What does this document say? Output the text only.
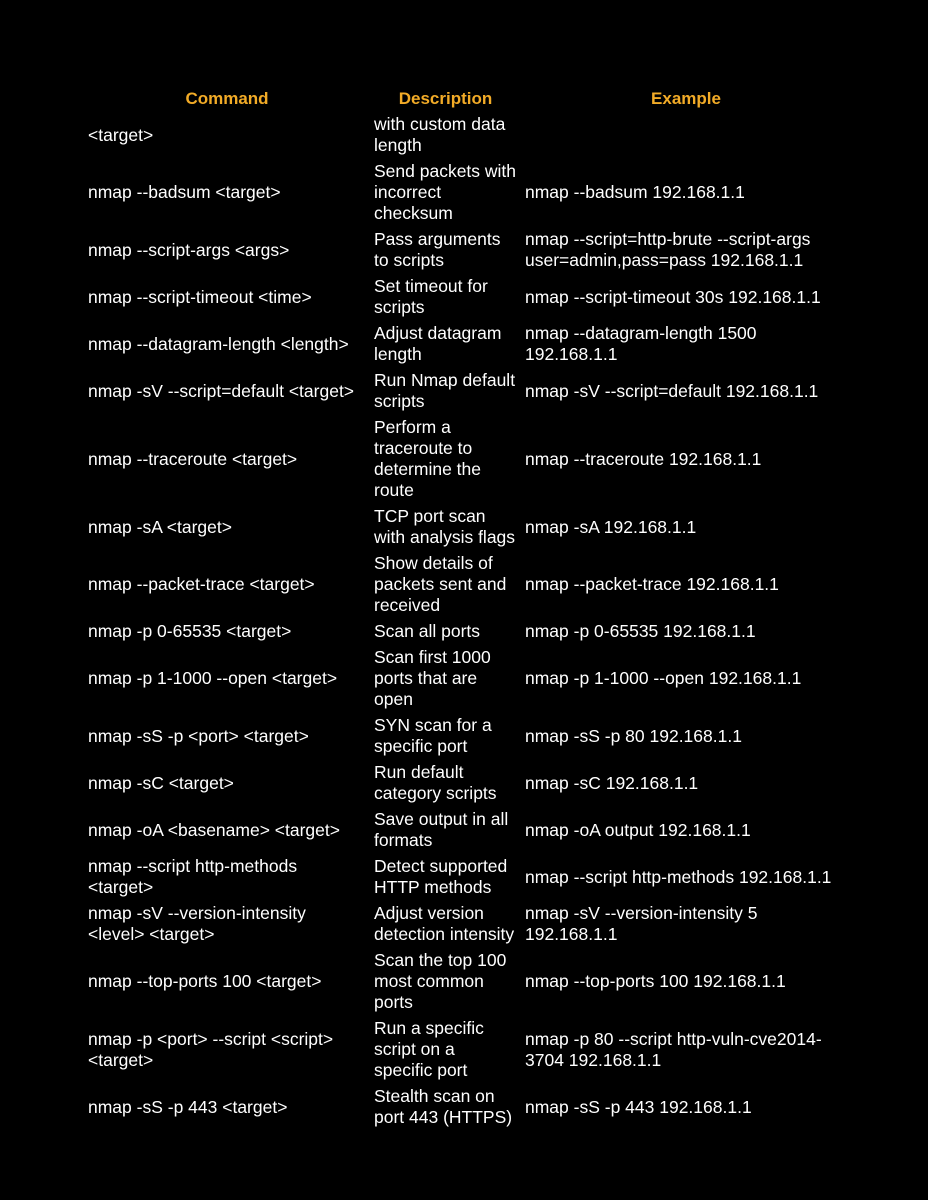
Command	Description	Example
<target>	with custom data length	
nmap --badsum <target>	Send packets with incorrect checksum	nmap --badsum 192.168.1.1
nmap --script-args <args>	Pass arguments to scripts	nmap --script=http-brute --script-args user=admin,pass=pass 192.168.1.1
nmap --script-timeout <time>	Set timeout for scripts	nmap --script-timeout 30s 192.168.1.1
nmap --datagram-length <length>	Adjust datagram length	nmap --datagram-length 1500 192.168.1.1
nmap -sV --script=default <target>	Run Nmap default scripts	nmap -sV --script=default 192.168.1.1
nmap --traceroute <target>	Perform a traceroute to determine the route	nmap --traceroute 192.168.1.1
nmap -sA <target>	TCP port scan with analysis flags	nmap -sA 192.168.1.1
nmap --packet-trace <target>	Show details of packets sent and received	nmap --packet-trace 192.168.1.1
nmap -p 0-65535 <target>	Scan all ports	nmap -p 0-65535 192.168.1.1
nmap -p 1-1000 --open <target>	Scan first 1000 ports that are open	nmap -p 1-1000 --open 192.168.1.1
nmap -sS -p <port> <target>	SYN scan for a specific port	nmap -sS -p 80 192.168.1.1
nmap -sC <target>	Run default category scripts	nmap -sC 192.168.1.1
nmap -oA <basename> <target>	Save output in all formats	nmap -oA output 192.168.1.1
nmap --script http-methods <target>	Detect supported HTTP methods	nmap --script http-methods 192.168.1.1
nmap -sV --version-intensity <level> <target>	Adjust version detection intensity	nmap -sV --version-intensity 5 192.168.1.1
nmap --top-ports 100 <target>	Scan the top 100 most common ports	nmap --top-ports 100 192.168.1.1
nmap -p <port> --script <script> <target>	Run a specific script on a specific port	nmap -p 80 --script http-vuln-cve2014-3704 192.168.1.1
nmap -sS -p 443 <target>	Stealth scan on port 443 (HTTPS)	nmap -sS -p 443 192.168.1.1
